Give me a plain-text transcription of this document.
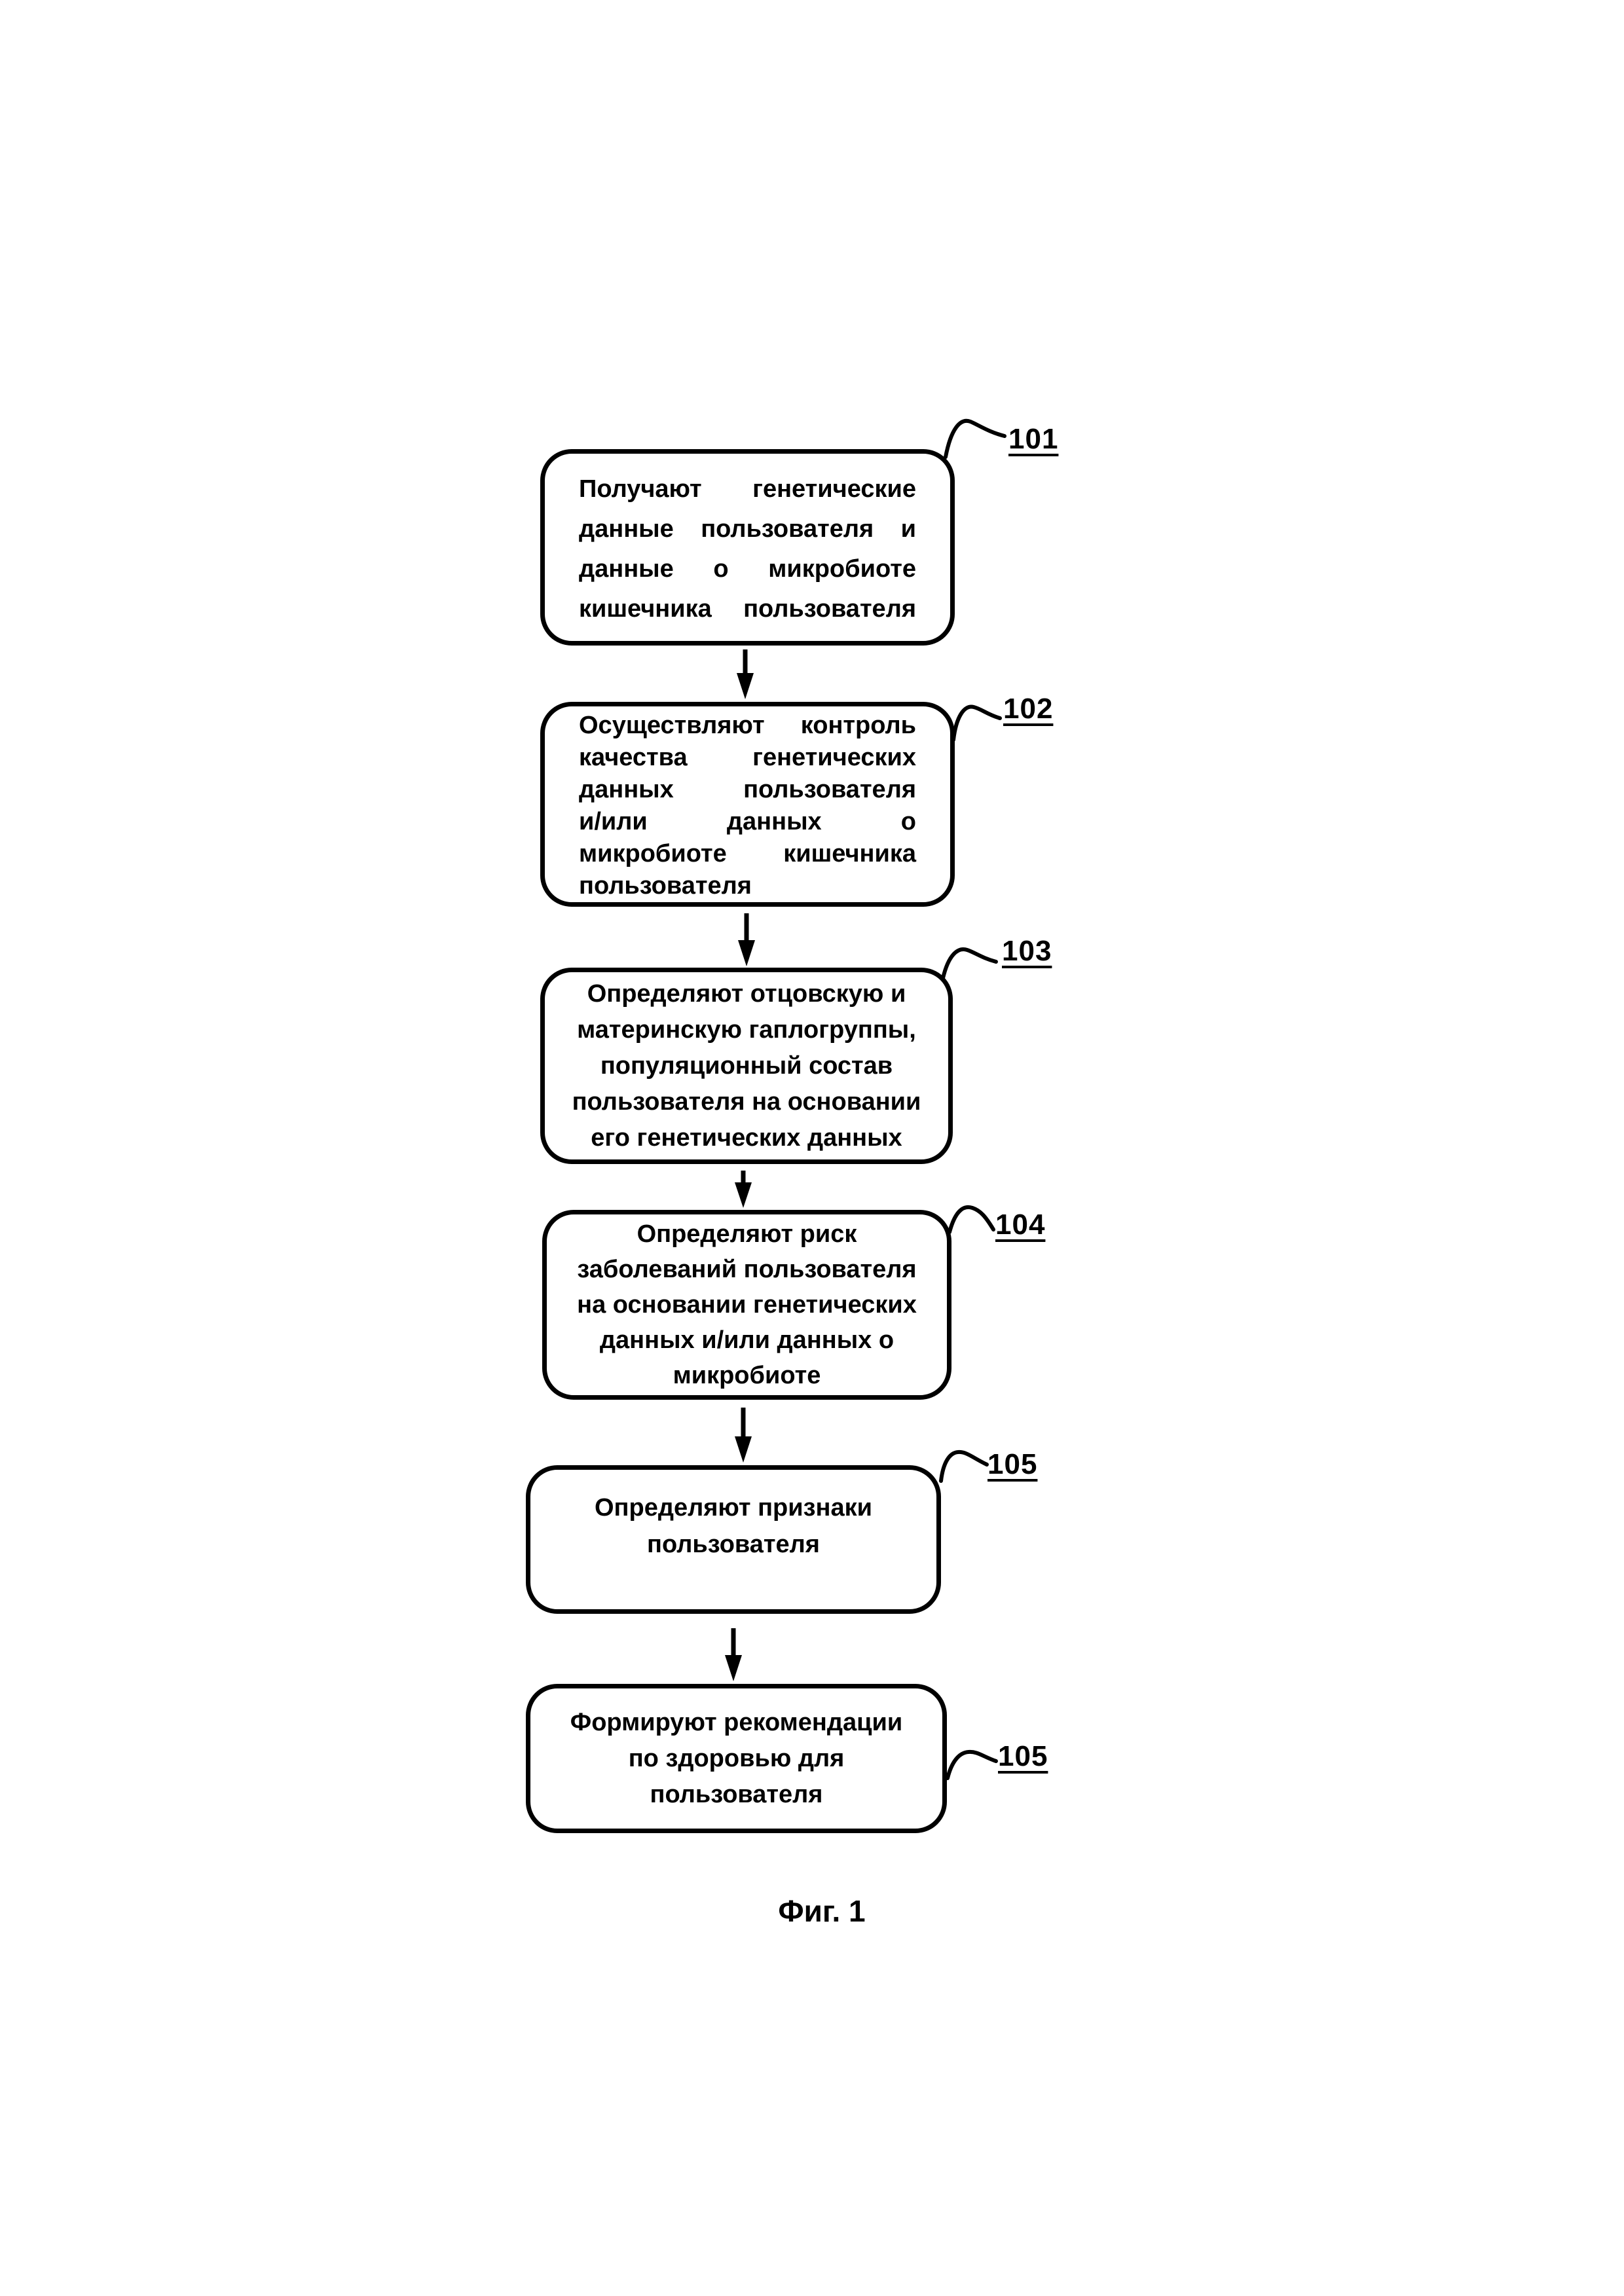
Получают генетические
данные пользователя и
данные о микробиоте
кишечника пользователя
Осуществляют контроль
качества	генетических
данных	пользователя
и/или	данных	о
микробиоте кишечника
пользователя
Определяют отцовскую и
материнскую гаплогруппы,
популяционный состав
пользователя на основании
его генетических данных
Определяют риск
заболеваний пользователя
на основании генетических
данных и/или данных о
микробиоте
Определяют признаки
пользователя
Формируют рекомендации
по здоровью для
пользователя
101
102
103
104
105
105
Фиг. 1
